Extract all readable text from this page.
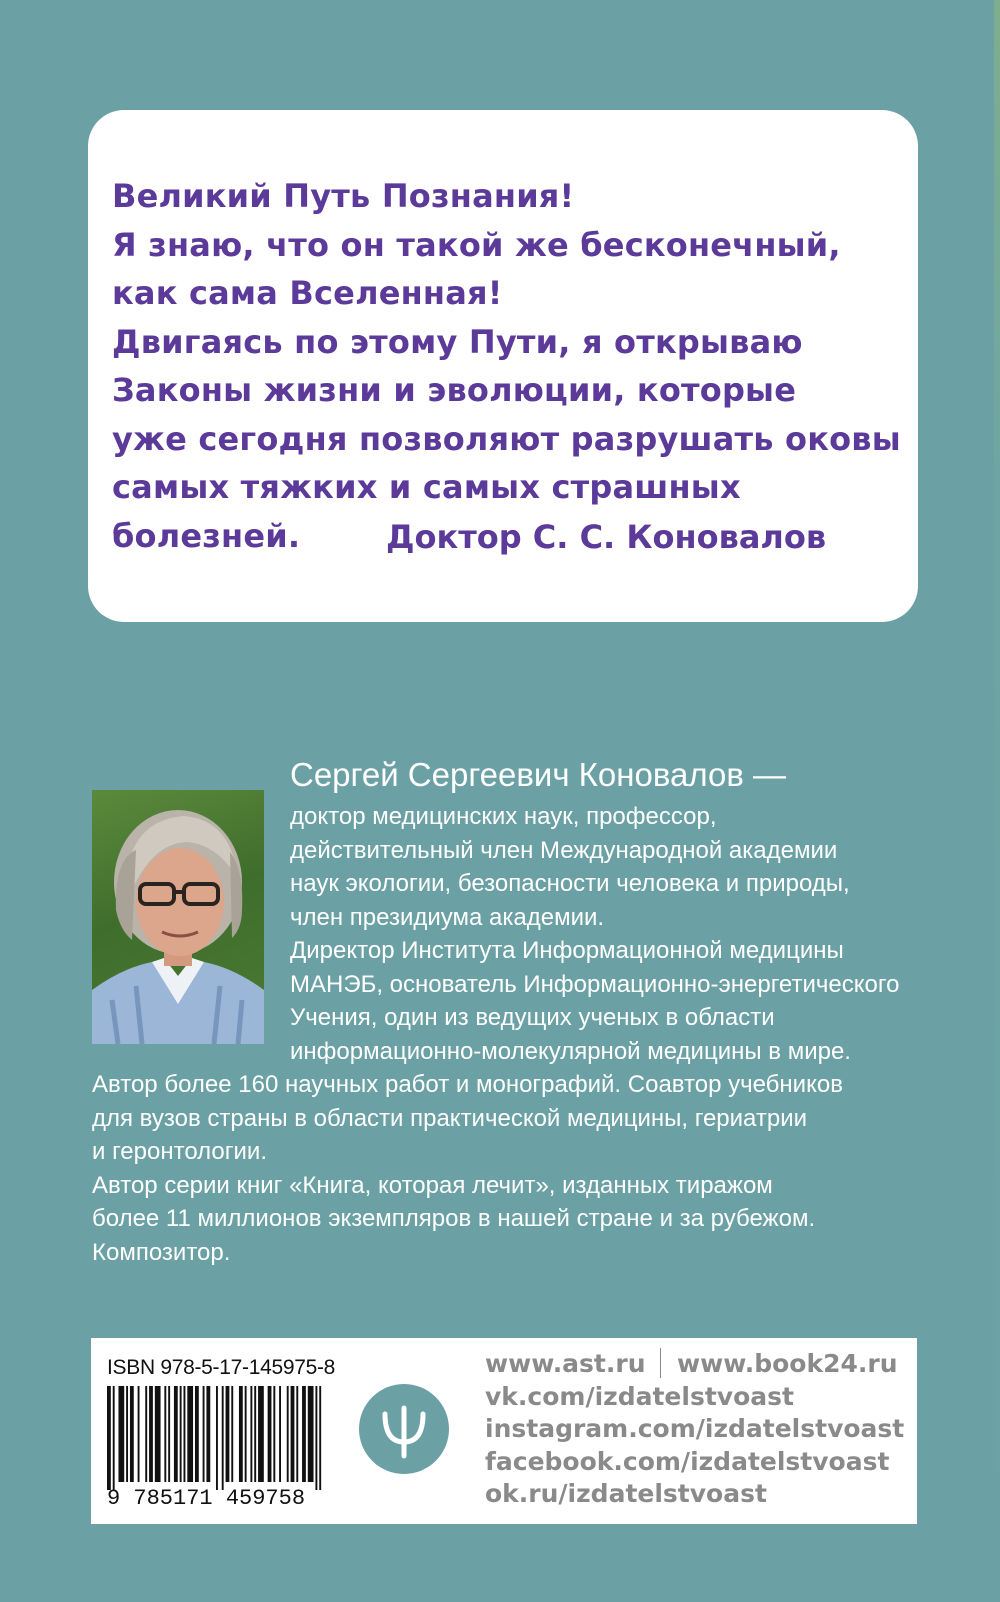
Великий Путь Познания!
Я знаю, что он такой же бесконечный,
как сама Вселенная!
Двигаясь по этому Пути, я открываю
Законы жизни и эволюции, которые
уже сегодня позволяют разрушать оковы
самых тяжких и самых страшных болезней.	Доктор С. С. Коновалов
Сергей Сергеевич Коновалов —
доктор медицинских наук, профессор,
действительный член Международной академии
наук экологии, безопасности человека и природы,
член президиума академии.
Директор Института Информационной медицины
МАНЭБ, основатель Информационно-энергетического
Учения, один из ведущих ученых в области
информационно-молекулярной медицины в мире.
Автор более 160 научных работ и монографий. Соавтор учебников
для вузов страны в области практической медицины, гериатрии
и геронтологии.
Автор серии книг «Книга, которая лечит», изданных тиражом
более 11 миллионов экземпляров в нашей стране и за рубежом.
Композитор.
ISBN 978-5-17-145975-8
9 785171 459758
www.ast.ru www.book24.ru
vk.com/izdatelstvoast
instagram.com/izdatelstvoast
facebook.com/izdatelstvoast
ok.ru/izdatelstvoast
